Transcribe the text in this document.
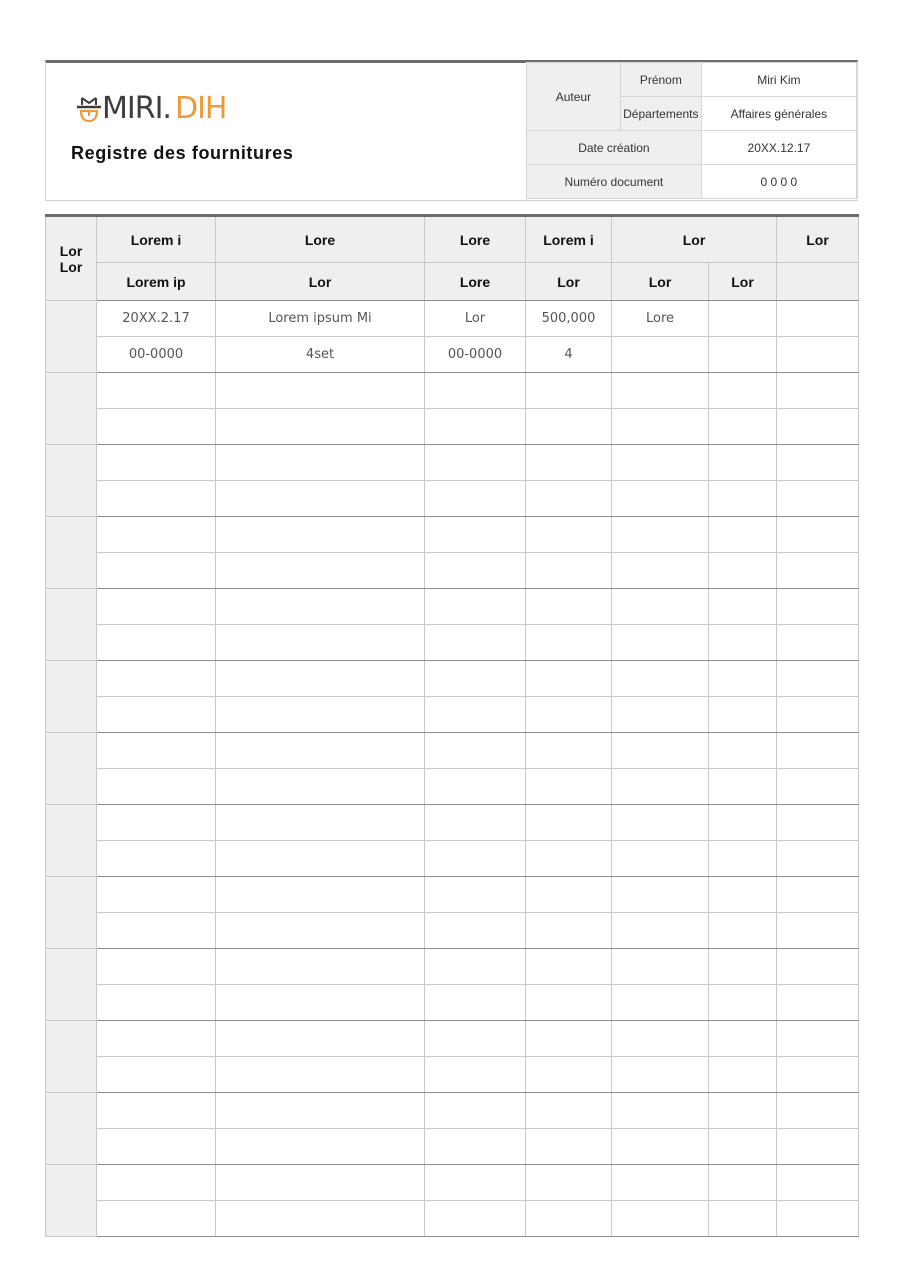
MIRI. DIH
Registre des fournitures
Auteur	Prénom	Miri Kim
	Départements	Affaires générales
Date création		20XX.12.17
Numéro document		0 0 0 0
Lor Lor	Lorem i	Lore	Lore	Lorem i	Lor		Lor
	Lorem ip	Lor	Lore	Lor	Lor	Lor	
	20XX.2.17	Lorem ipsum Mi	Lor	500,000	Lore		
	00-0000	4set	00-0000	4			
